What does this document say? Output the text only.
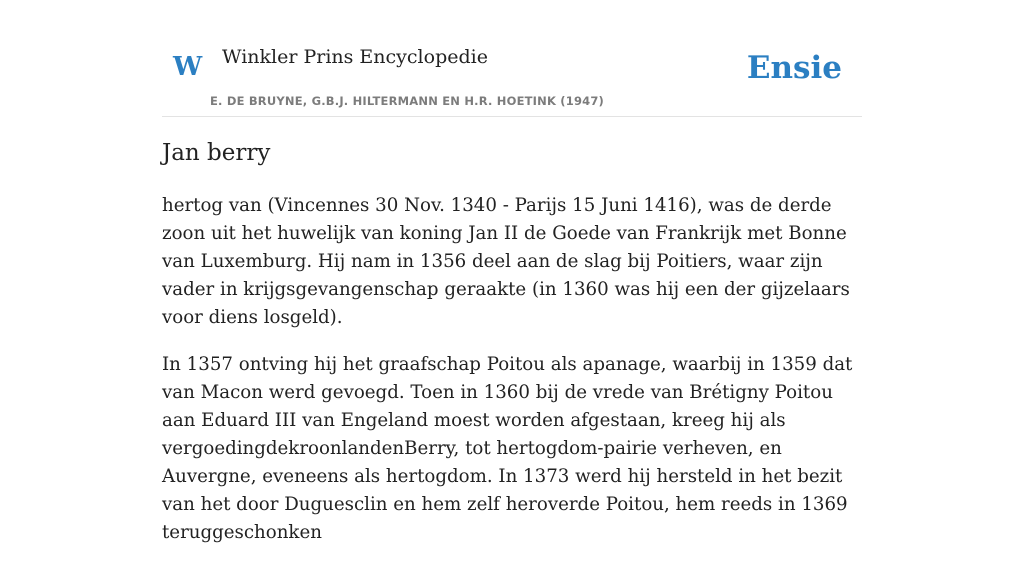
W Winkler Prins Encyclopedie
E. DE BRUYNE, G.B.J. HILTERMANN EN H.R. HOETINK (1947)
Ensie
Jan berry

hertog van (Vincennes 30 Nov. 1340 - Parijs 15 Juni 1416), was de derde zoon uit het huwelijk van koning Jan II de Goede van Frankrijk met Bonne van Luxemburg. Hij nam in 1356 deel aan de slag bij Poitiers, waar zijn vader in krijgsgevangenschap geraakte (in 1360 was hij een der gijzelaars voor diens losgeld).

In 1357 ontving hij het graafschap Poitou als apanage, waarbij in 1359 dat van Macon werd gevoegd. Toen in 1360 bij de vrede van Brétigny Poitou aan Eduard III van Engeland moest worden afgestaan, kreeg hij als vergoedingdekroonlandenBerry, tot hertogdom-pairie verheven, en Auvergne, eveneens als hertogdom. In 1373 werd hij hersteld in het bezit van het door Duguesclin en hem zelf heroverde Poitou, hem reeds in 1369 teruggeschonken
